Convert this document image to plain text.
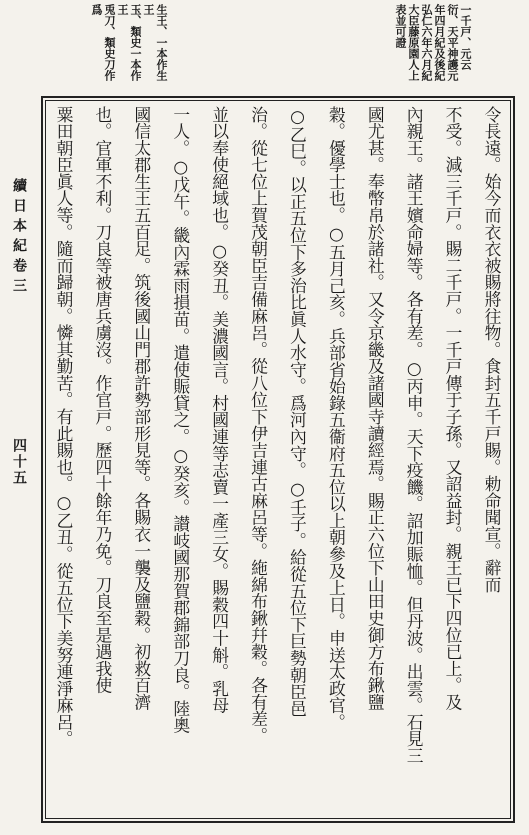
一千戸、元云
衍、天平神護元
年四月紀及後紀
弘仁六年六月紀
大臣藤原園人上
表並可證
生王、一本作生
王
玉、類史一本作
王
兎刀、類史刀作
爲
令長遠。始今而衣衣被賜將往物。食封五千戸賜。勅命聞宣。辭而
不受。減三千戸。賜二千戸。一千戸傳于子孫。又詔益封。親王已下四位已上。及
內親王。諸王嬪命婦等。各有差。○丙申。天下疫饑。詔加賑恤。但丹波。出雲。石見三
國尤甚。奉幣帛於諸社。又令京畿及諸國寺讀經焉。賜正六位下山田史御方布鍬鹽
穀。優學士也。○五月己亥。兵部省始錄五衞府五位以上朝參及上日。申送太政官。
○乙巳。以正五位下多治比眞人水守。爲河內守。○壬子。給從五位下巨勢朝臣邑
治。從七位上賀茂朝臣吉備麻呂。從八位下伊吉連古麻呂等。絁綿布鍬幷穀。各有差。
並以奉使絕域也。○癸丑。美濃國言。村國連等志賣一產三女。賜穀四十斛。乳母
一人。○戊午。畿內霖雨損苗。遣使賑貸之。○癸亥。讃岐國那賀郡錦部刀良。陸奧
國信太郡生王五百足。筑後國山門郡許勢部形見等。各賜衣一襲及鹽穀。初救百濟
也。官軍不利。刀良等被唐兵虜沒。作官戸。歷四十餘年乃免。刀良至是遇我使
粟田朝臣眞人等。隨而歸朝。憐其勤苦。有此賜也。○乙丑。從五位下美努連淨麻呂。
續日本紀卷三
四十五
